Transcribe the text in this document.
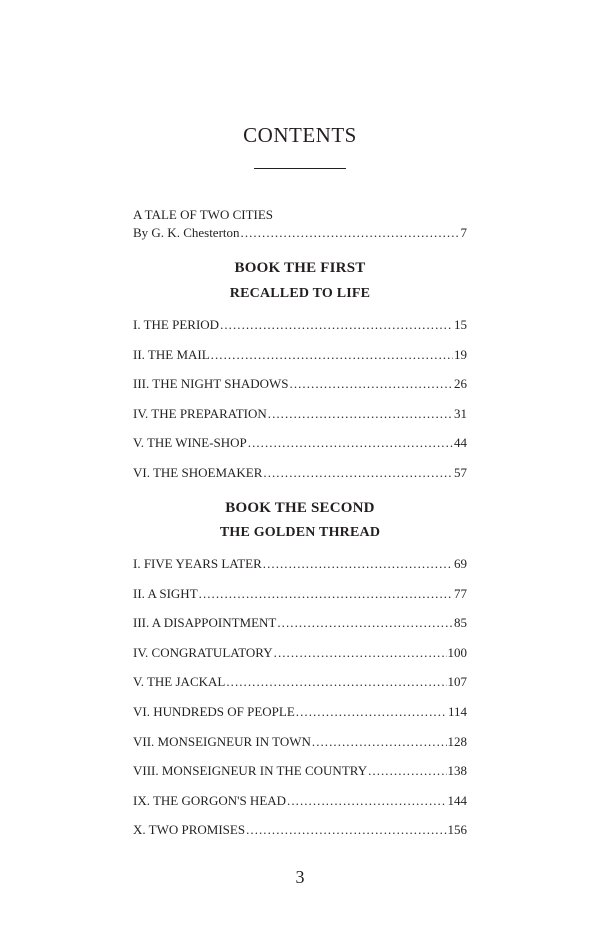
CONTENTS
A TALE OF TWO CITIES
By G. K. Chesterton . . .	7
BOOK THE FIRST
RECALLED TO LIFE
I. THE PERIOD . . .	15
II. THE MAIL . . .	19
III. THE NIGHT SHADOWS . . .	26
IV. THE PREPARATION . . .	31
V. THE WINE-SHOP . . .	44
VI. THE SHOEMAKER . . .	57
BOOK THE SECOND
THE GOLDEN THREAD
I. FIVE YEARS LATER . . .	69
II. A SIGHT . . .	77
III. A DISAPPOINTMENT . . .	85
IV. CONGRATULATORY . . .	100
V. THE JACKAL . . .	107
VI. HUNDREDS OF PEOPLE . . .	114
VII. MONSEIGNEUR IN TOWN . . .	128
VIII. MONSEIGNEUR IN THE COUNTRY . . .	138
IX. THE GORGON'S HEAD . . .	144
X. TWO PROMISES . . .	156
3
